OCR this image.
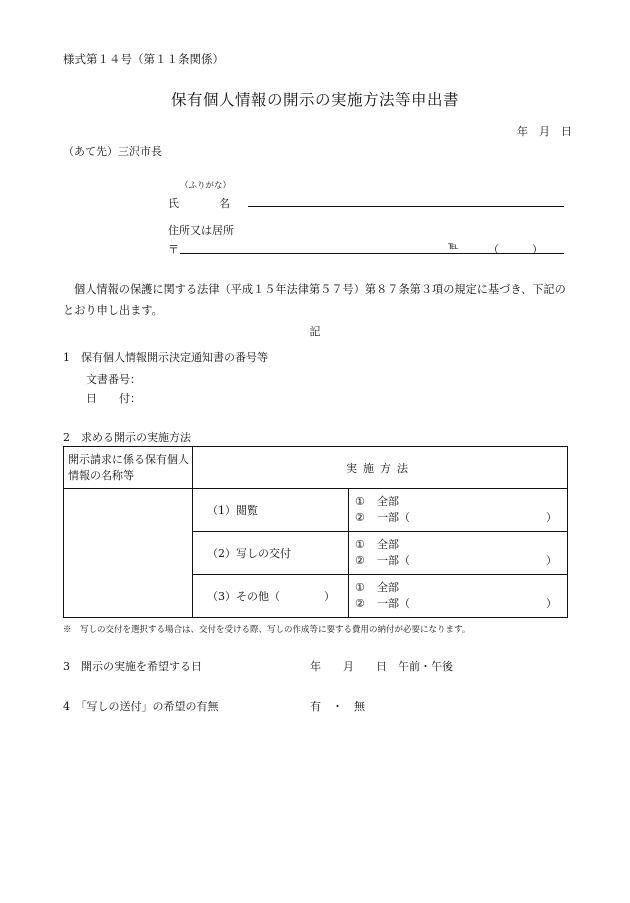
様式第１４号（第１１条関係）
保有個人情報の開示の実施方法等申出書
年　月　日
（あて先）三沢市長
（ふりがな）
氏	名
住所又は居所
〒	℡	（　　　）
個人情報の保護に関する法律（平成１５年法律第５７号）第８７条第３項の規定に基づき、下記のとおり申し出ます。
記
1　保有個人情報開示決定通知書の番号等
文書番号：
日　　付：
2　求める開示の実施方法
開示請求に係る保有個人情報の名称等	実施方法	
	（1）閲覧	① 全部
② 一部（ ）

	（2）写しの交付	① 全部
② 一部（ ）

	（3）その他（　　　　）	① 全部
② 一部（ ）
※　写しの交付を選択する場合は、交付を受ける際、写しの作成等に要する費用の納付が必要になります。
3　開示の実施を希望する日	年　　月　　日　午前・午後
4　「写しの送付」の希望の有無	有　・　無
